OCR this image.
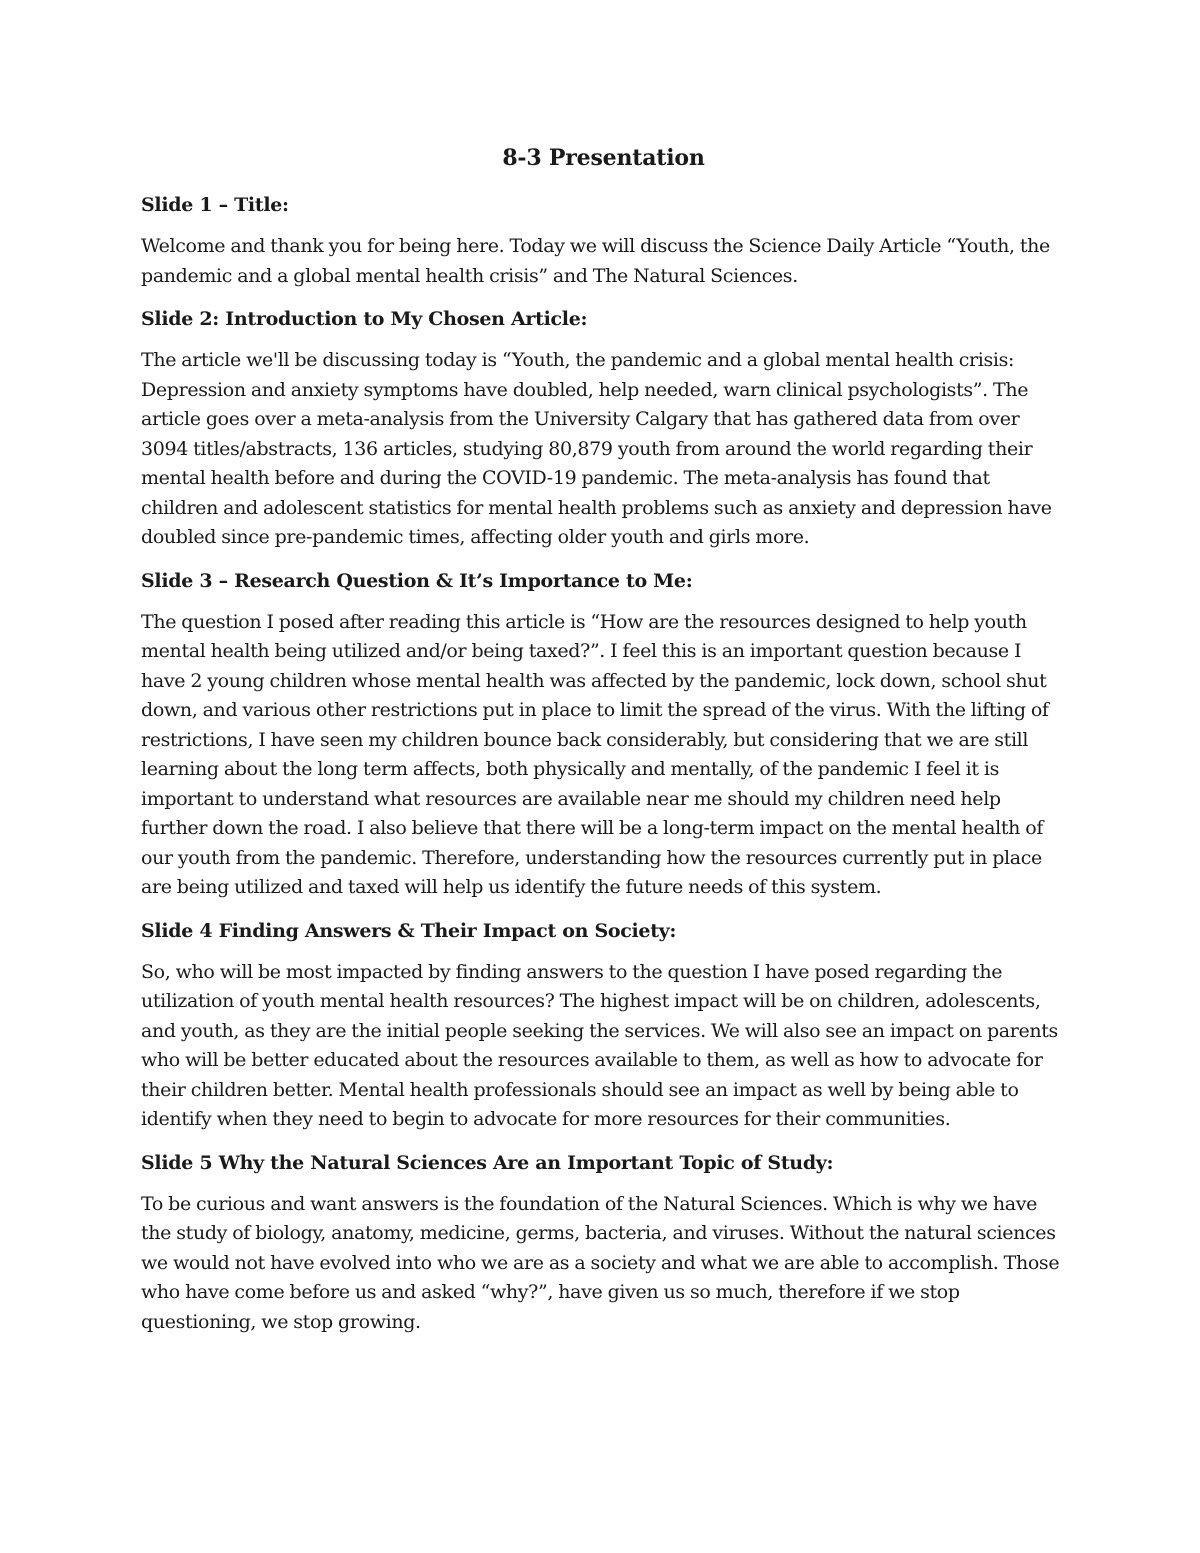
8-3 Presentation
Slide 1 – Title:
Welcome and thank you for being here. Today we will discuss the Science Daily Article “Youth, the pandemic and a global mental health crisis” and The Natural Sciences.
Slide 2: Introduction to My Chosen Article:
The article we'll be discussing today is “Youth, the pandemic and a global mental health crisis: Depression and anxiety symptoms have doubled, help needed, warn clinical psychologists”. The article goes over a meta-analysis from the University Calgary that has gathered data from over 3094 titles/abstracts, 136 articles, studying 80,879 youth from around the world regarding their mental health before and during the COVID-19 pandemic. The meta-analysis has found that children and adolescent statistics for mental health problems such as anxiety and depression have doubled since pre-pandemic times, affecting older youth and girls more.
Slide 3 – Research Question & It’s Importance to Me:
The question I posed after reading this article is “How are the resources designed to help youth mental health being utilized and/or being taxed?”. I feel this is an important question because I have 2 young children whose mental health was affected by the pandemic, lock down, school shut down, and various other restrictions put in place to limit the spread of the virus. With the lifting of restrictions, I have seen my children bounce back considerably, but considering that we are still learning about the long term affects, both physically and mentally, of the pandemic I feel it is important to understand what resources are available near me should my children need help further down the road. I also believe that there will be a long-term impact on the mental health of our youth from the pandemic. Therefore, understanding how the resources currently put in place are being utilized and taxed will help us identify the future needs of this system.
Slide 4 Finding Answers & Their Impact on Society:
So, who will be most impacted by finding answers to the question I have posed regarding the utilization of youth mental health resources? The highest impact will be on children, adolescents, and youth, as they are the initial people seeking the services. We will also see an impact on parents who will be better educated about the resources available to them, as well as how to advocate for their children better. Mental health professionals should see an impact as well by being able to identify when they need to begin to advocate for more resources for their communities.
Slide 5 Why the Natural Sciences Are an Important Topic of Study:
To be curious and want answers is the foundation of the Natural Sciences. Which is why we have the study of biology, anatomy, medicine, germs, bacteria, and viruses. Without the natural sciences we would not have evolved into who we are as a society and what we are able to accomplish. Those who have come before us and asked “why?”, have given us so much, therefore if we stop questioning, we stop growing.
